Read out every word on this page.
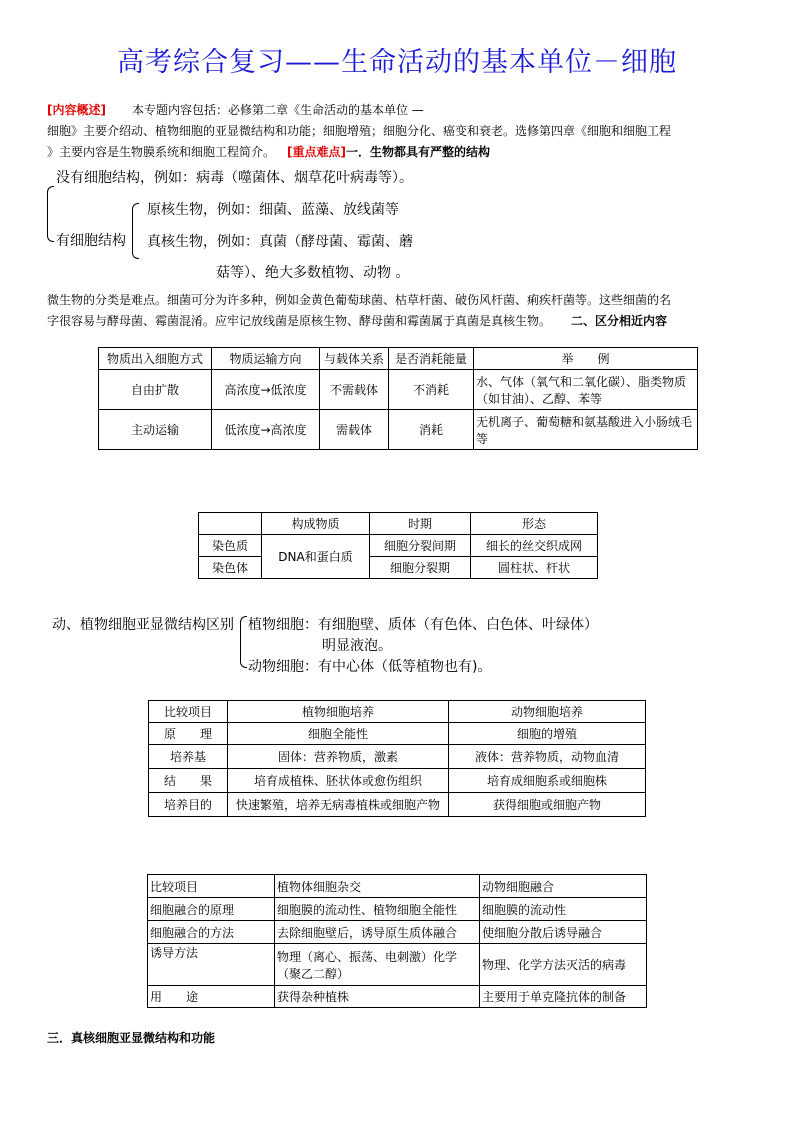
高考综合复习——生命活动的基本单位－细胞
[内容概述] 本专题内容包括：必修第二章《生命活动的基本单位 —
细胞》主要介绍动、植物细胞的亚显微结构和功能；细胞增殖；细胞分化、癌变和衰老。选修第四章《细胞和细胞工程
》主要内容是生物膜系统和细胞工程简介。 [重点难点]一．生物都具有严整的结构
没有细胞结构，例如：病毒（噬菌体、烟草花叶病毒等）。
有细胞结构
原核生物，例如：细菌、蓝藻、放线菌等
真核生物，例如：真菌（酵母菌、霉菌、蘑
菇等）、绝大多数植物、动物 。
微生物的分类是难点。细菌可分为许多种，例如金黄色葡萄球菌、枯草杆菌、破伤风杆菌、痢疾杆菌等。这些细菌的名
字很容易与酵母菌、霉菌混淆。应牢记放线菌是原核生物、酵母菌和霉菌属于真菌是真核生物。 二、区分相近内容
物质出入细胞方式	物质运输方向	与载体关系	是否消耗能量	举　　例
自由扩散	高浓度→低浓度	不需载体	不消耗	水、气体（氧气和二氧化碳）、脂类物质（如甘油）、乙醇、苯等
主动运输	低浓度→高浓度	需载体	消耗	无机离子、葡萄糖和氨基酸进入小肠绒毛等
	构成物质	时期	形态
染色质	DNA和蛋白质	细胞分裂间期	细长的丝交织成网
染色体		细胞分裂期	圆柱状、杆状
动、植物细胞亚显微结构区别 植物细胞：有细胞壁、质体（有色体、白色体、叶绿体）
明显液泡。
动物细胞：有中心体（低等植物也有)。
比较项目	植物细胞培养	动物细胞培养
原　　理	细胞全能性	细胞的增殖
培养基	固体：营养物质，激素	液体：营养物质，动物血清
结　　果	培育成植株、胚状体或愈伤组织	培育成细胞系或细胞株
培养目的	快速繁殖，培养无病毒植株或细胞产物	获得细胞或细胞产物
比较项目	植物体细胞杂交	动物细胞融合
细胞融合的原理	细胞膜的流动性、植物细胞全能性	细胞膜的流动性
细胞融合的方法	去除细胞壁后，诱导原生质体融合	使细胞分散后诱导融合
诱导方法	物理（离心、振荡、电刺激）化学（聚乙二醇）	物理、化学方法灭活的病毒
用　　途	获得杂种植株	主要用于单克隆抗体的制备
三．真核细胞亚显微结构和功能
